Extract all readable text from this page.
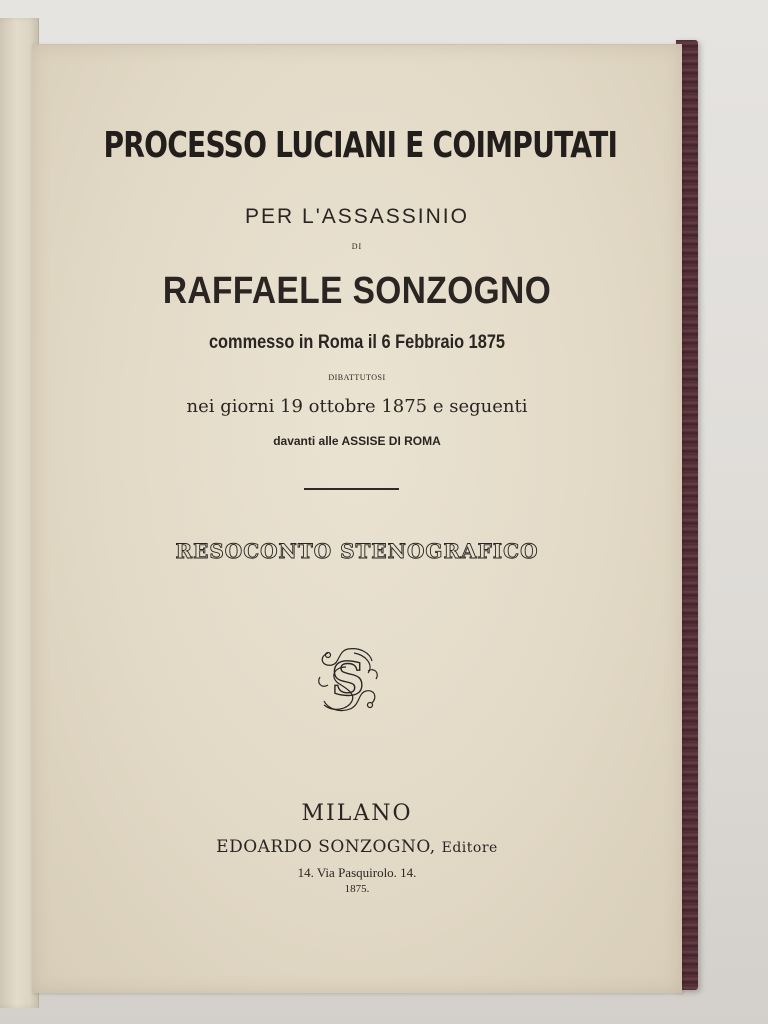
PROCESSO LUCIANI E COIMPUTATI
PER L'ASSASSINIO
DI
RAFFAELE SONZOGNO
commesso in Roma il 6 Febbraio 1875
DIBATTUTOSI
nei giorni 19 ottobre 1875 e seguenti
davanti alle ASSISE DI ROMA
RESOCONTO STENOGRAFICO
S
MILANO
EDOARDO SONZOGNO, Editore
14. Via Pasquirolo. 14.
1875.
